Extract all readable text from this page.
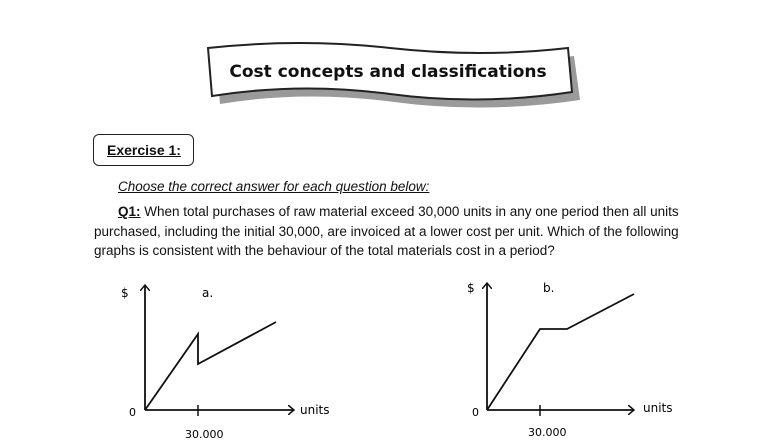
Cost concepts and classifications
Exercise 1:
Choose the correct answer for each question below:
Q1: When total purchases of raw material exceed 30,000 units in any one period then all units purchased, including the initial 30,000, are invoiced at a lower cost per unit. Which of the following graphs is consistent with the behaviour of the total materials cost in a period?
$	a.
0	units
30.000
$	b.
0	units
30.000
